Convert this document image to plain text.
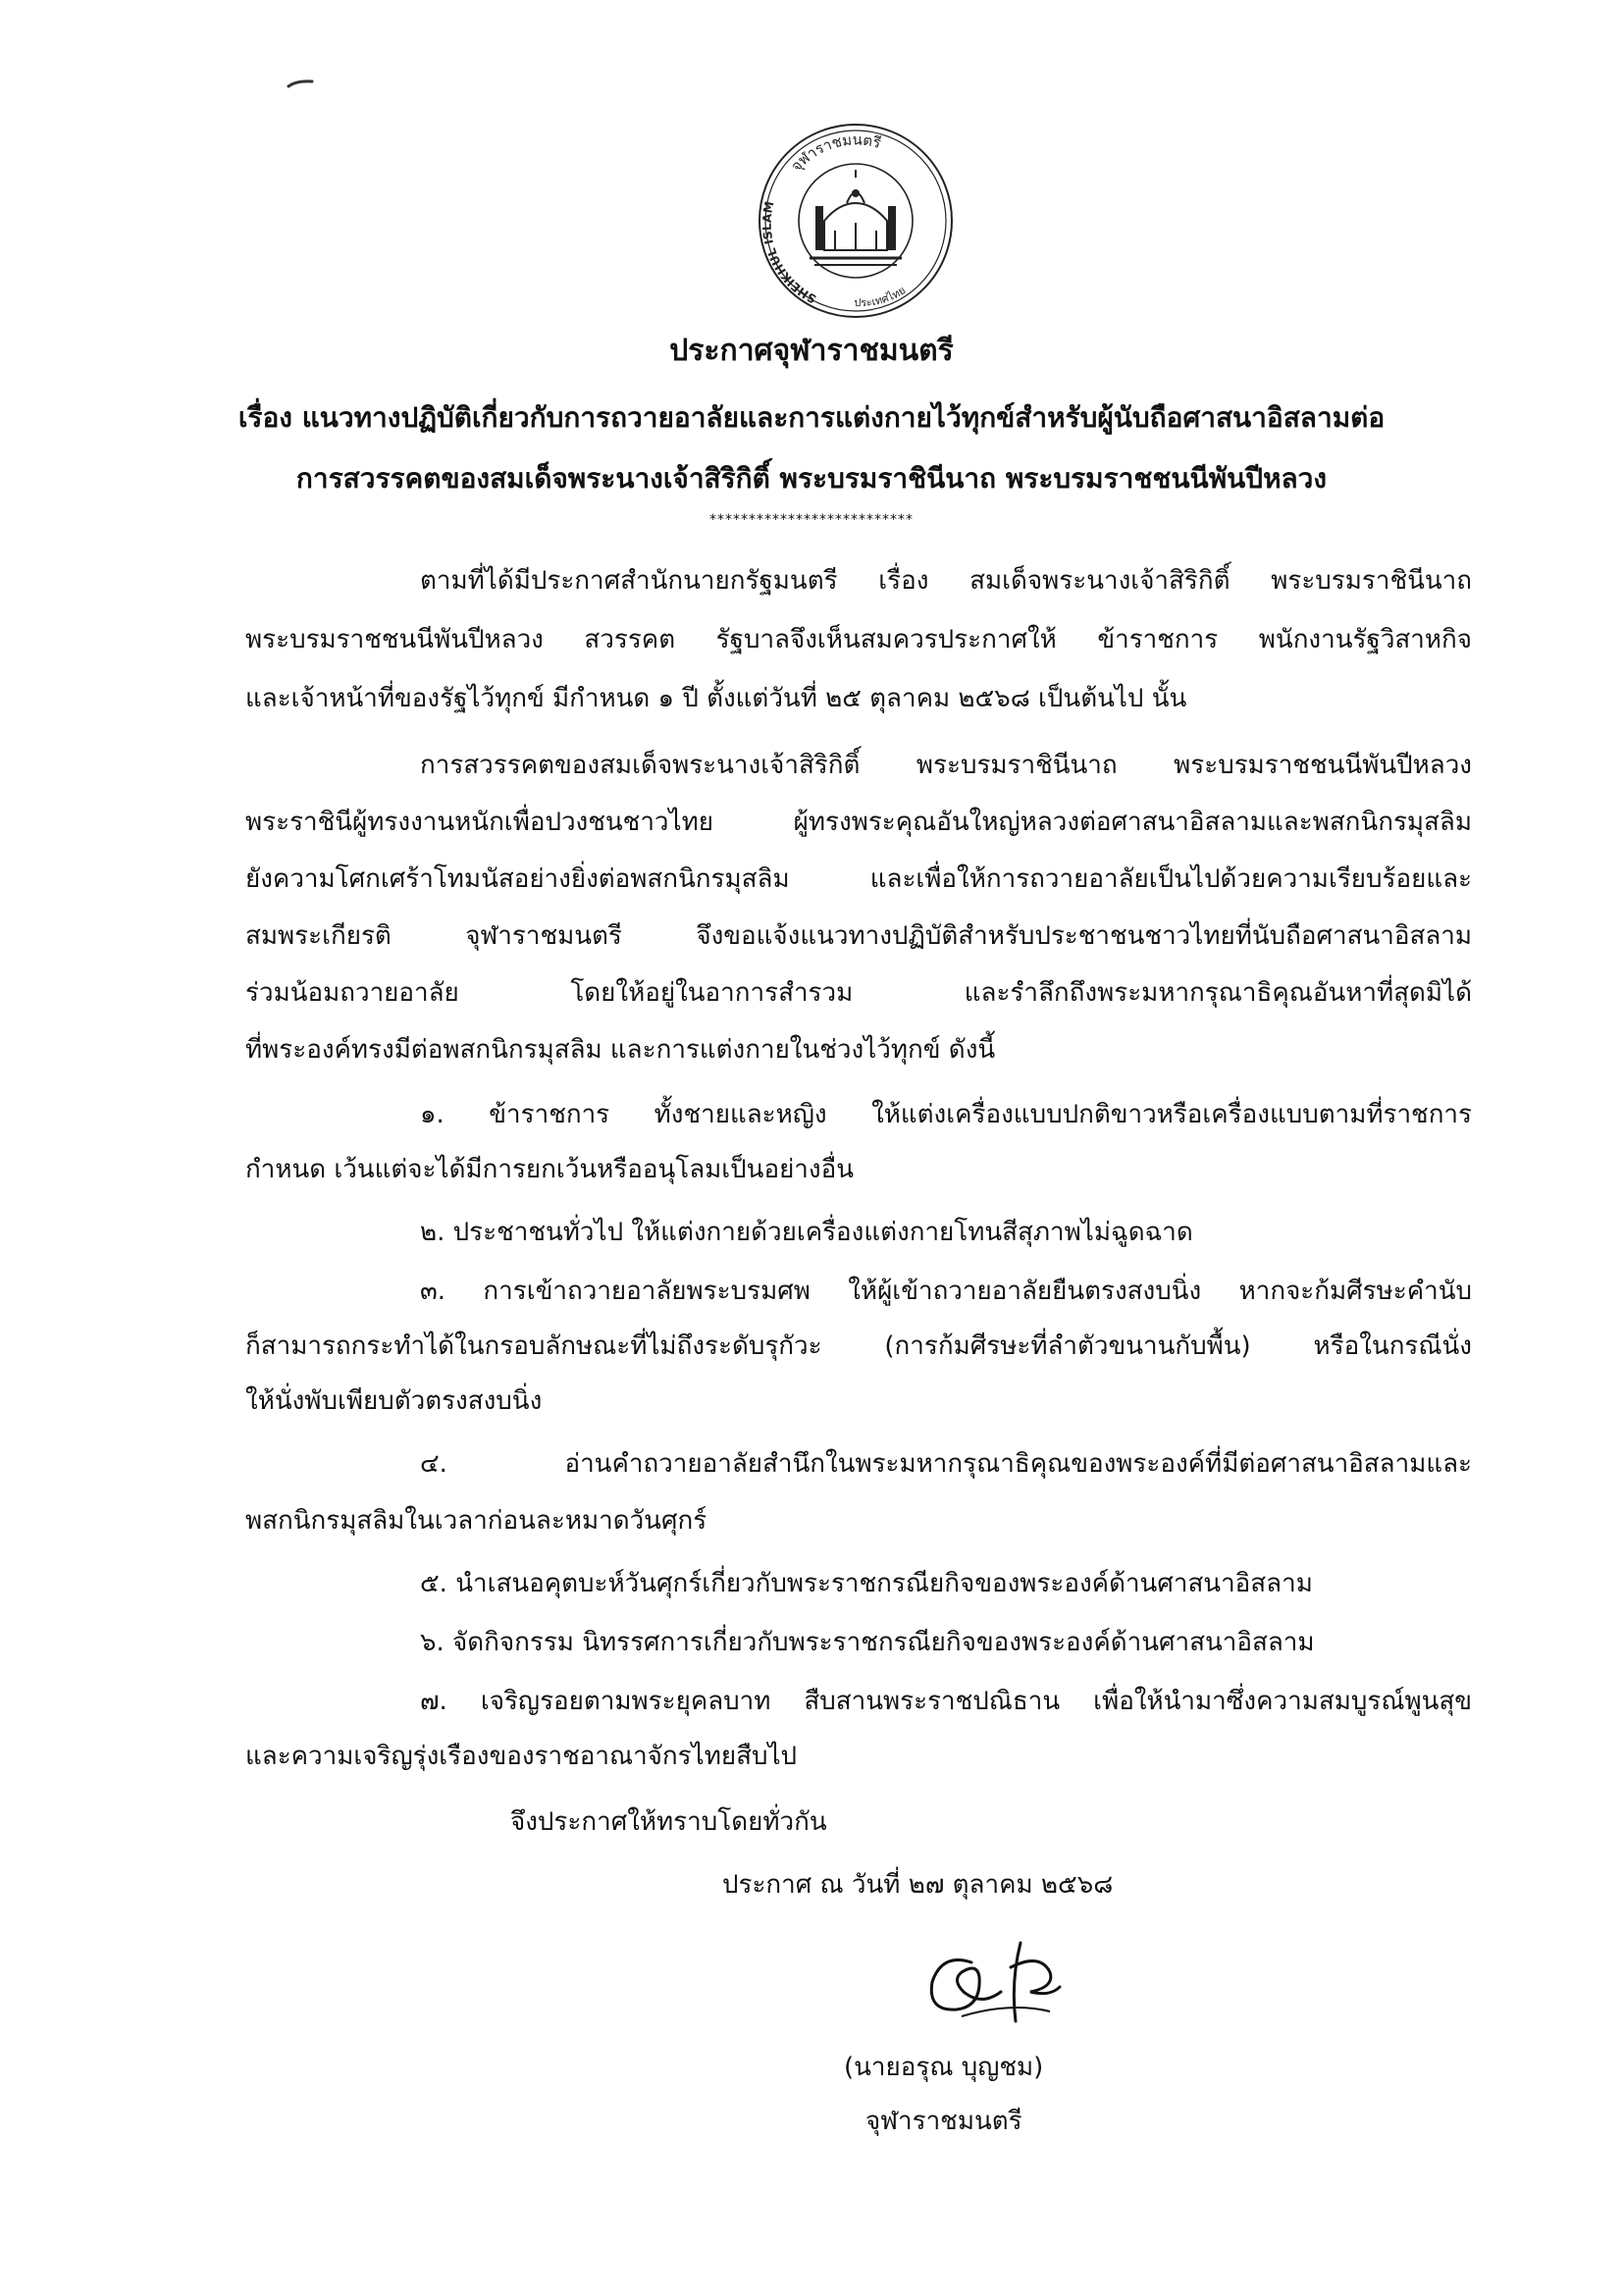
จุฬาราชมนตรี
SHEIKHUL ISLAM
ประเทศไทย
ประกาศจุฬาราชมนตรี
เรื่อง แนวทางปฏิบัติเกี่ยวกับการถวายอาลัยและการแต่งกายไว้ทุกข์สำหรับผู้นับถือศาสนาอิสลามต่อ
การสวรรคตของสมเด็จพระนางเจ้าสิริกิติ์ พระบรมราชินีนาถ พระบรมราชชนนีพันปีหลวง
**************************
ตามที่ได้มีประกาศสำนักนายกรัฐมนตรี เรื่อง สมเด็จพระนางเจ้าสิริกิติ์ พระบรมราชินีนาถ
พระบรมราชชนนีพันปีหลวง สวรรคต รัฐบาลจึงเห็นสมควรประกาศให้ ข้าราชการ พนักงานรัฐวิสาหกิจ
และเจ้าหน้าที่ของรัฐไว้ทุกข์ มีกำหนด ๑ ปี ตั้งแต่วันที่ ๒๕ ตุลาคม ๒๕๖๘ เป็นต้นไป นั้น
การสวรรคตของสมเด็จพระนางเจ้าสิริกิติ์ พระบรมราชินีนาถ พระบรมราชชนนีพันปีหลวง
พระราชินีผู้ทรงงานหนักเพื่อปวงชนชาวไทย ผู้ทรงพระคุณอันใหญ่หลวงต่อศาสนาอิสลามและพสกนิกรมุสลิม
ยังความโศกเศร้าโทมนัสอย่างยิ่งต่อพสกนิกรมุสลิม และเพื่อให้การถวายอาลัยเป็นไปด้วยความเรียบร้อยและ
สมพระเกียรติ จุฬาราชมนตรี จึงขอแจ้งแนวทางปฏิบัติสำหรับประชาชนชาวไทยที่นับถือศาสนาอิสลาม
ร่วมน้อมถวายอาลัย โดยให้อยู่ในอาการสำรวม และรำลึกถึงพระมหากรุณาธิคุณอันหาที่สุดมิได้
ที่พระองค์ทรงมีต่อพสกนิกรมุสลิม และการแต่งกายในช่วงไว้ทุกข์ ดังนี้
๑. ข้าราชการ ทั้งชายและหญิง ให้แต่งเครื่องแบบปกติขาวหรือเครื่องแบบตามที่ราชการ
กำหนด เว้นแต่จะได้มีการยกเว้นหรืออนุโลมเป็นอย่างอื่น
๒. ประชาชนทั่วไป ให้แต่งกายด้วยเครื่องแต่งกายโทนสีสุภาพไม่ฉูดฉาด
๓. การเข้าถวายอาลัยพระบรมศพ ให้ผู้เข้าถวายอาลัยยืนตรงสงบนิ่ง หากจะก้มศีรษะคำนับ
ก็สามารถกระทำได้ในกรอบลักษณะที่ไม่ถึงระดับรุกัวะ (การก้มศีรษะที่ลำตัวขนานกับพื้น) หรือในกรณีนั่ง
ให้นั่งพับเพียบตัวตรงสงบนิ่ง
๔. อ่านคำถวายอาลัยสำนึกในพระมหากรุณาธิคุณของพระองค์ที่มีต่อศาสนาอิสลามและ
พสกนิกรมุสลิมในเวลาก่อนละหมาดวันศุกร์
๕. นำเสนอคุตบะห์วันศุกร์เกี่ยวกับพระราชกรณียกิจของพระองค์ด้านศาสนาอิสลาม
๖. จัดกิจกรรม นิทรรศการเกี่ยวกับพระราชกรณียกิจของพระองค์ด้านศาสนาอิสลาม
๗. เจริญรอยตามพระยุคลบาท สืบสานพระราชปณิธาน เพื่อให้นำมาซึ่งความสมบูรณ์พูนสุข
และความเจริญรุ่งเรืองของราชอาณาจักรไทยสืบไป
จึงประกาศให้ทราบโดยทั่วกัน
ประกาศ ณ วันที่ ๒๗ ตุลาคม ๒๕๖๘
(นายอรุณ บุญชม)
จุฬาราชมนตรี
